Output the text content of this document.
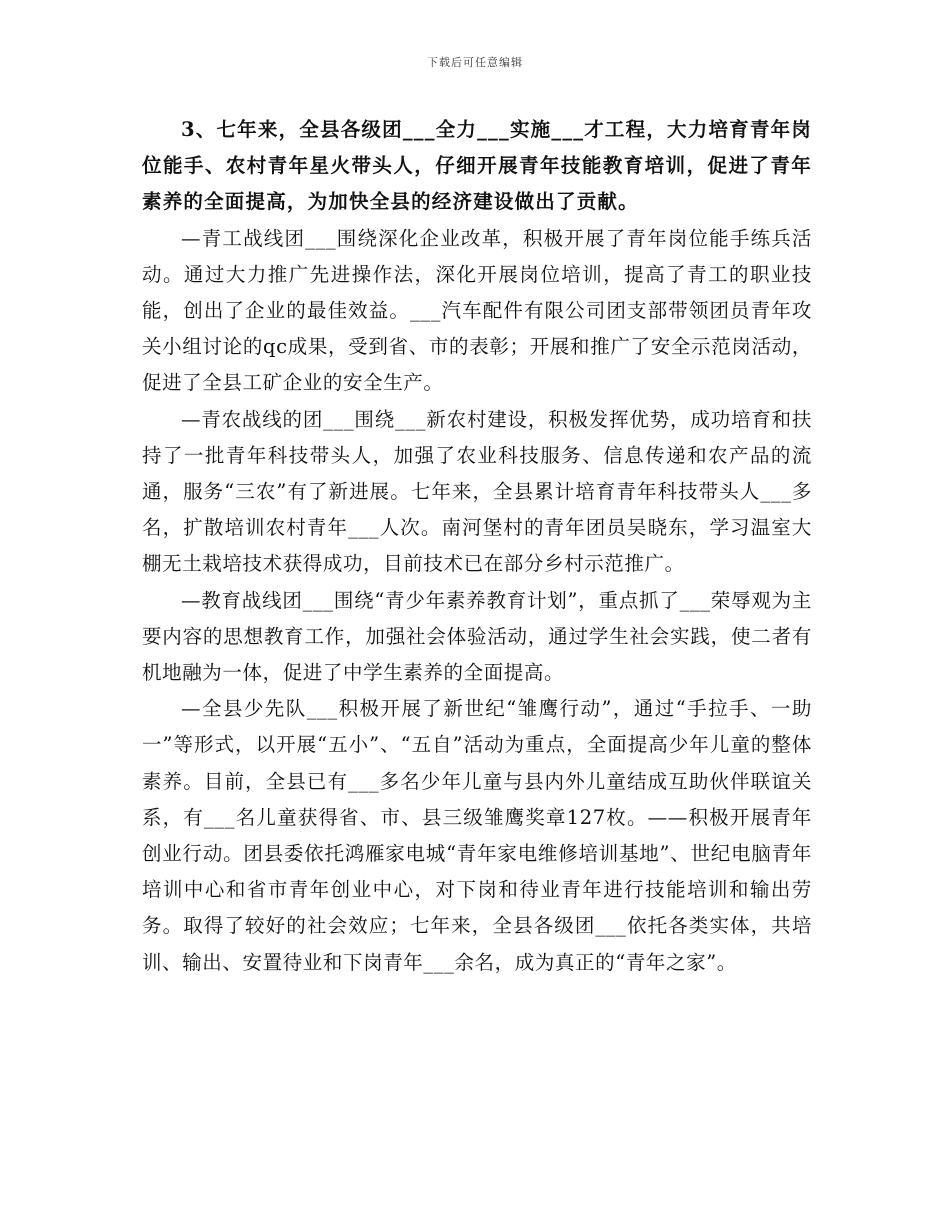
下载后可任意编辑

3、七年来，全县各级团___全力___实施___才工程，大力培育青年岗位能手、农村青年星火带头人，仔细开展青年技能教育培训，促进了青年素养的全面提高，为加快全县的经济建设做出了贡献。

—青工战线团___围绕深化企业改革，积极开展了青年岗位能手练兵活动。通过大力推广先进操作法，深化开展岗位培训，提高了青工的职业技能，创出了企业的最佳效益。___汽车配件有限公司团支部带领团员青年攻关小组讨论的qc成果，受到省、市的表彰；开展和推广了安全示范岗活动，促进了全县工矿企业的安全生产。

—青农战线的团___围绕___新农村建设，积极发挥优势，成功培育和扶持了一批青年科技带头人，加强了农业科技服务、信息传递和农产品的流通，服务“三农”有了新进展。七年来，全县累计培育青年科技带头人___多名，扩散培训农村青年___人次。南河堡村的青年团员吴晓东，学习温室大棚无土栽培技术获得成功，目前技术已在部分乡村示范推广。

—教育战线团___围绕“青少年素养教育计划”，重点抓了___荣辱观为主要内容的思想教育工作，加强社会体验活动，通过学生社会实践，使二者有机地融为一体，促进了中学生素养的全面提高。

—全县少先队___积极开展了新世纪“雏鹰行动”，通过“手拉手、一助一”等形式，以开展“五小”、“五自”活动为重点，全面提高少年儿童的整体素养。目前，全县已有___多名少年儿童与县内外儿童结成互助伙伴联谊关系，有___名儿童获得省、市、县三级雏鹰奖章127枚。——积极开展青年创业行动。团县委依托鸿雁家电城“青年家电维修培训基地”、世纪电脑青年培训中心和省市青年创业中心，对下岗和待业青年进行技能培训和输出劳务。取得了较好的社会效应；七年来，全县各级团___依托各类实体，共培训、输出、安置待业和下岗青年___余名，成为真正的“青年之家”。
